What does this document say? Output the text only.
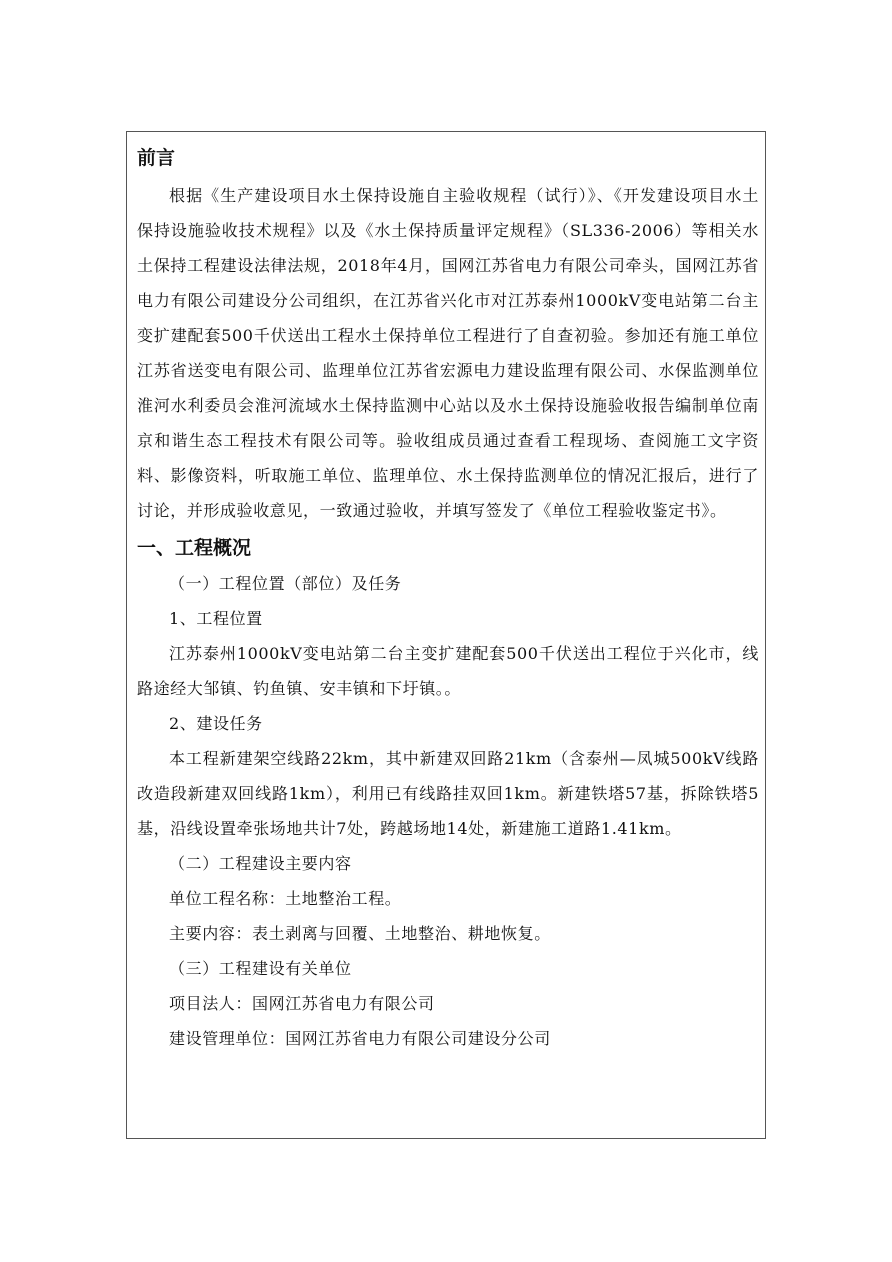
前言

根据《生产建设项目水土保持设施自主验收规程（试行）》、《开发建设项目水土保持设施验收技术规程》以及《水土保持质量评定规程》（SL336-2006）等相关水土保持工程建设法律法规，2018年4月，国网江苏省电力有限公司牵头，国网江苏省电力有限公司建设分公司组织，在江苏省兴化市对江苏泰州1000kV变电站第二台主变扩建配套500千伏送出工程水土保持单位工程进行了自查初验。参加还有施工单位江苏省送变电有限公司、监理单位江苏省宏源电力建设监理有限公司、水保监测单位淮河水利委员会淮河流域水土保持监测中心站以及水土保持设施验收报告编制单位南京和谐生态工程技术有限公司等。验收组成员通过查看工程现场、查阅施工文字资料、影像资料，听取施工单位、监理单位、水土保持监测单位的情况汇报后，进行了讨论，并形成验收意见，一致通过验收，并填写签发了《单位工程验收鉴定书》。

一、工程概况

（一）工程位置（部位）及任务

1、工程位置

江苏泰州1000kV变电站第二台主变扩建配套500千伏送出工程位于兴化市，线路途经大邹镇、钓鱼镇、安丰镇和下圩镇。。

2、建设任务

本工程新建架空线路22km，其中新建双回路21km（含泰州—凤城500kV线路改造段新建双回线路1km），利用已有线路挂双回1km。新建铁塔57基，拆除铁塔5基，沿线设置牵张场地共计7处，跨越场地14处，新建施工道路1.41km。

（二）工程建设主要内容

单位工程名称：土地整治工程。

主要内容：表土剥离与回覆、土地整治、耕地恢复。

（三）工程建设有关单位

项目法人：国网江苏省电力有限公司

建设管理单位：国网江苏省电力有限公司建设分公司
